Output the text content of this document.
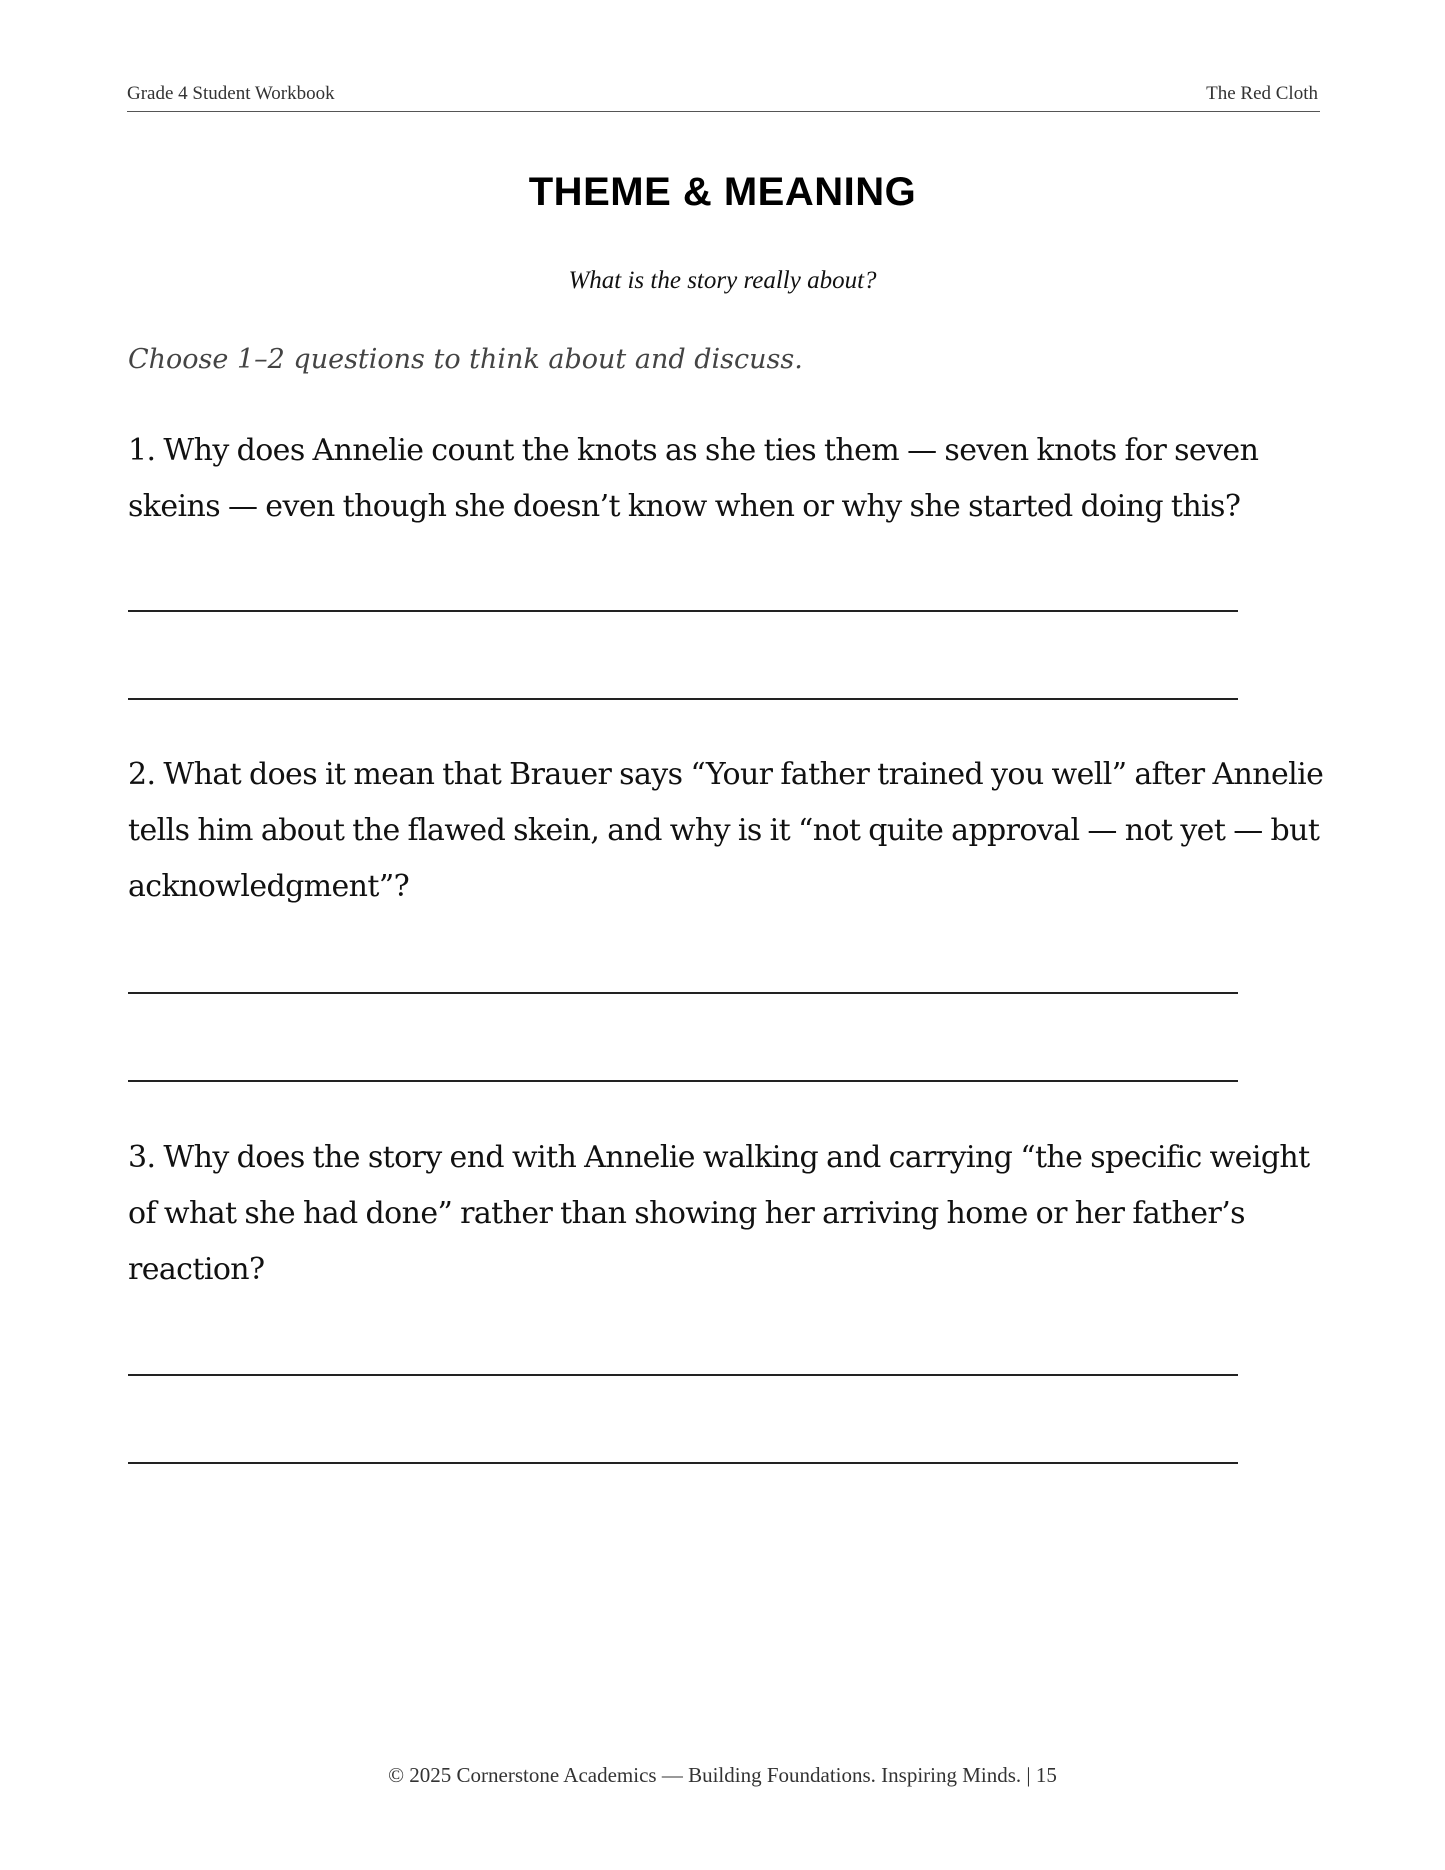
Grade 4 Student Workbook	The Red Cloth
THEME & MEANING
What is the story really about?
Choose 1–2 questions to think about and discuss.
1. Why does Annelie count the knots as she ties them — seven knots for seven skeins — even though she doesn’t know when or why she started doing this?
2. What does it mean that Brauer says “Your father trained you well” after Annelie tells him about the flawed skein, and why is it “not quite approval — not yet — but acknowledgment”?
3. Why does the story end with Annelie walking and carrying “the specific weight of what she had done” rather than showing her arriving home or her father’s reaction?
© 2025 Cornerstone Academics — Building Foundations. Inspiring Minds. | 15
